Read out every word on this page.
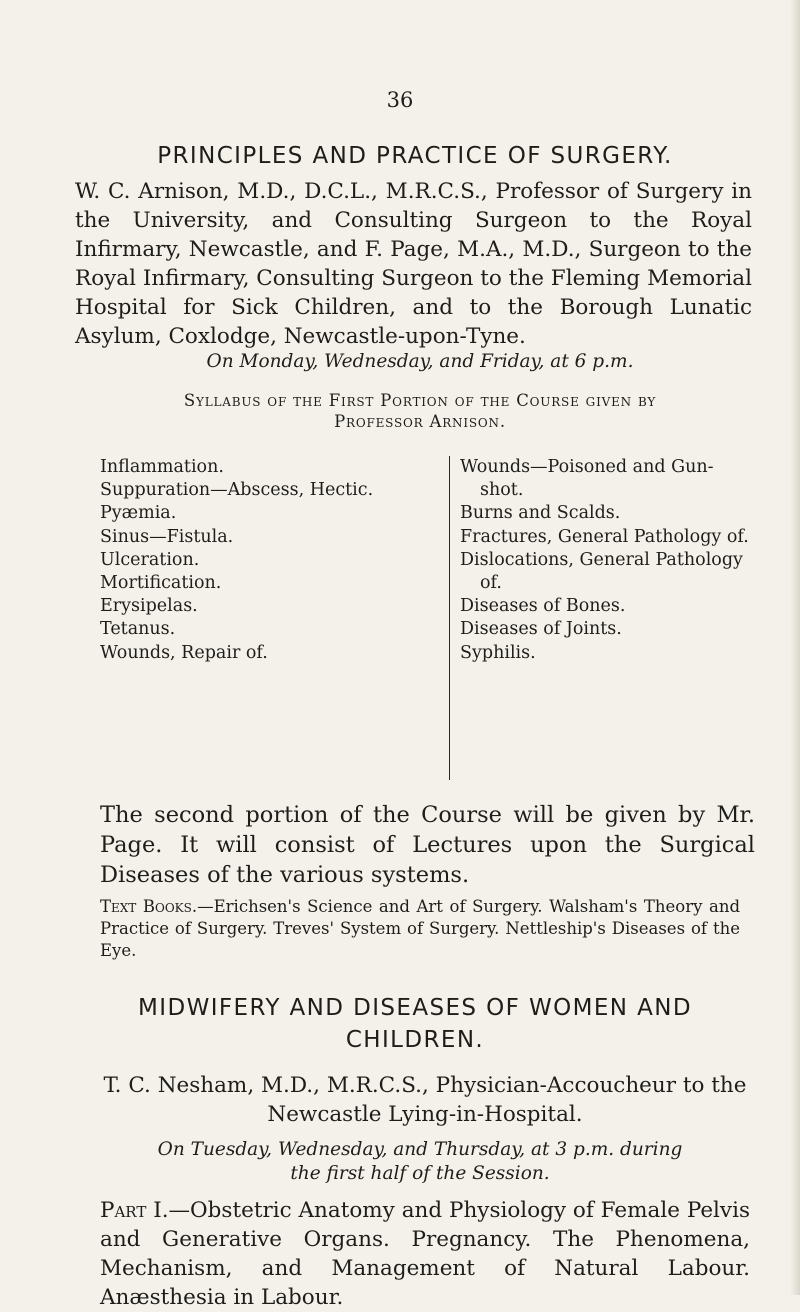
36
PRINCIPLES AND PRACTICE OF SURGERY.

W. C. Arnison, M.D., D.C.L., M.R.C.S., Professor of Surgery in the University, and Consulting Surgeon to the Royal Infirmary, Newcastle, and F. Page, M.A., M.D., Surgeon to the Royal Infirmary, Consulting Surgeon to the Fleming Memorial Hospital for Sick Children, and to the Borough Lunatic Asylum, Coxlodge, Newcastle-upon-Tyne.

On Monday, Wednesday, and Friday, at 6 p.m.
Syllabus of the First Portion of the Course given by
Professor Arnison.
Inflammation.
Suppuration—Abscess, Hectic.
Pyæmia.
Sinus—Fistula.
Ulceration.
Mortification.
Erysipelas.
Tetanus.
Wounds, Repair of.
Wounds—Poisoned and Gun-
shot.
Burns and Scalds.
Fractures, General Pathology of.
Dislocations, General Pathology
of.
Diseases of Bones.
Diseases of Joints.
Syphilis.

The second portion of the Course will be given by Mr. Page. It will consist of Lectures upon the Surgical Diseases of the various systems.

Text Books.—Erichsen's Science and Art of Surgery. Walsham's Theory and Practice of Surgery. Treves' System of Surgery. Nettleship's Diseases of the Eye.

MIDWIFERY AND DISEASES OF WOMEN AND
CHILDREN.

T. C. Nesham, M.D., M.R.C.S., Physician-Accoucheur to the Newcastle Lying-in-Hospital.

On Tuesday, Wednesday, and Thursday, at 3 p.m. during
the first half of the Session.

Part I.—Obstetric Anatomy and Physiology of Female Pelvis and Generative Organs. Pregnancy. The Phenomena, Mechanism, and Management of Natural Labour. Anæsthesia in Labour.
